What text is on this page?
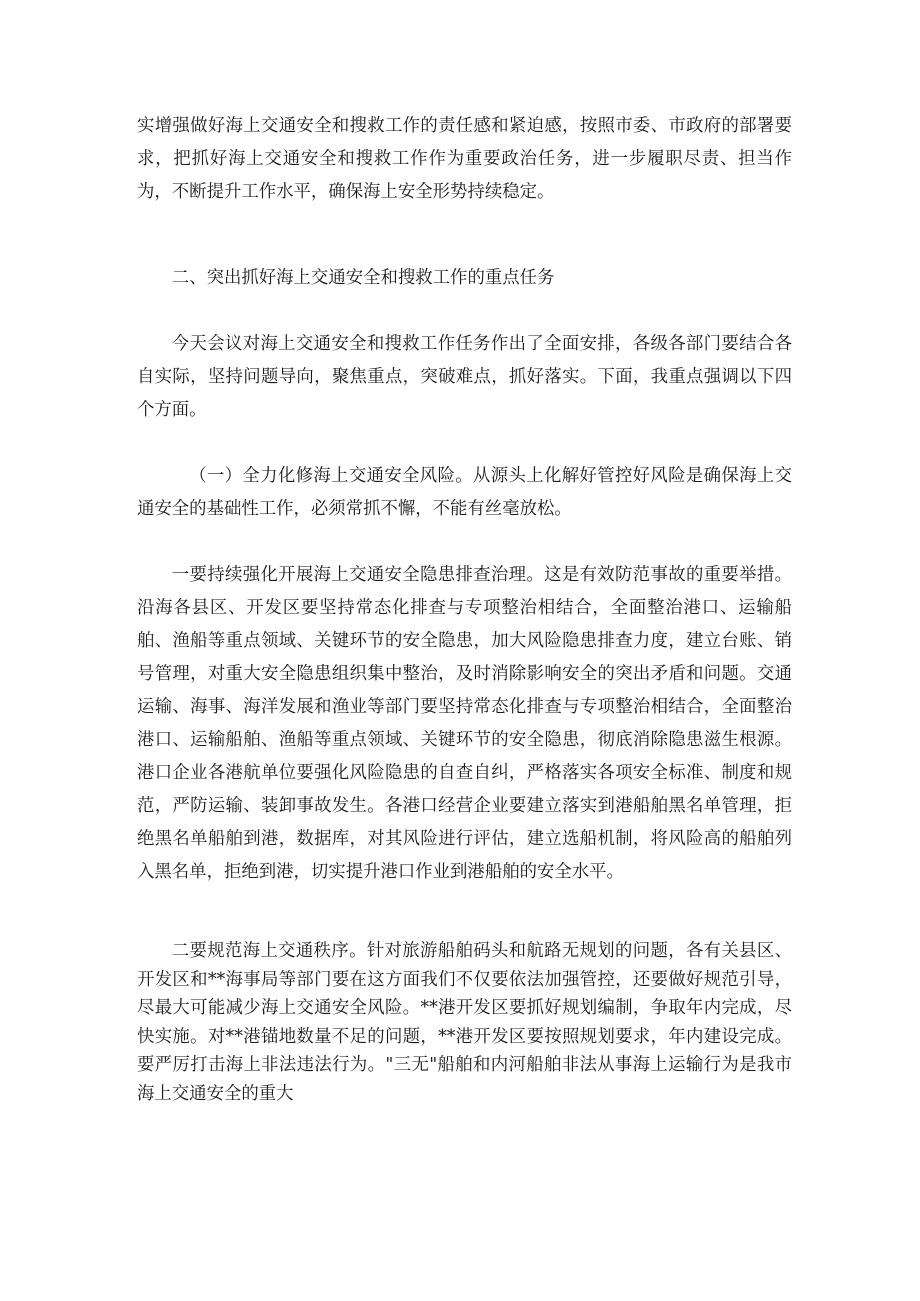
实增强做好海上交通安全和搜救工作的责任感和紧迫感，按照市委、市政府的部署要求，把抓好海上交通安全和搜救工作作为重要政治任务，进一步履职尽责、担当作为，不断提升工作水平，确保海上安全形势持续稳定。

二、突出抓好海上交通安全和搜救工作的重点任务

今天会议对海上交通安全和搜救工作任务作出了全面安排，各级各部门要结合各自实际，坚持问题导向，聚焦重点，突破难点，抓好落实。下面，我重点强调以下四个方面。

（一）全力化修海上交通安全风险。从源头上化解好管控好风险是确保海上交通安全的基础性工作，必须常抓不懈，不能有丝毫放松。

一要持续强化开展海上交通安全隐患排查治理。这是有效防范事故的重要举措。沿海各县区、开发区要坚持常态化排查与专项整治相结合，全面整治港口、运输船舶、渔船等重点领域、关键环节的安全隐患，加大风险隐患排查力度，建立台账、销号管理，对重大安全隐患组织集中整治，及时消除影响安全的突出矛盾和问题。交通运输、海事、海洋发展和渔业等部门要坚持常态化排查与专项整治相结合，全面整治港口、运输船舶、渔船等重点领域、关键环节的安全隐患，彻底消除隐患滋生根源。港口企业各港航单位要强化风险隐患的自查自纠，严格落实各项安全标准、制度和规范，严防运输、装卸事故发生。各港口经营企业要建立落实到港船舶黑名单管理，拒绝黑名单船舶到港，数据库，对其风险进行评估，建立选船机制，将风险高的船舶列入黑名单，拒绝到港，切实提升港口作业到港船舶的安全水平。

二要规范海上交通秩序。针对旅游船舶码头和航路无规划的问题，各有关县区、开发区和**海事局等部门要在这方面我们不仅要依法加强管控，还要做好规范引导，尽最大可能减少海上交通安全风险。**港开发区要抓好规划编制，争取年内完成，尽快实施。对**港锚地数量不足的问题，**港开发区要按照规划要求，年内建设完成。要严厉打击海上非法违法行为。"三无"船舶和内河船舶非法从事海上运输行为是我市海上交通安全的重大
